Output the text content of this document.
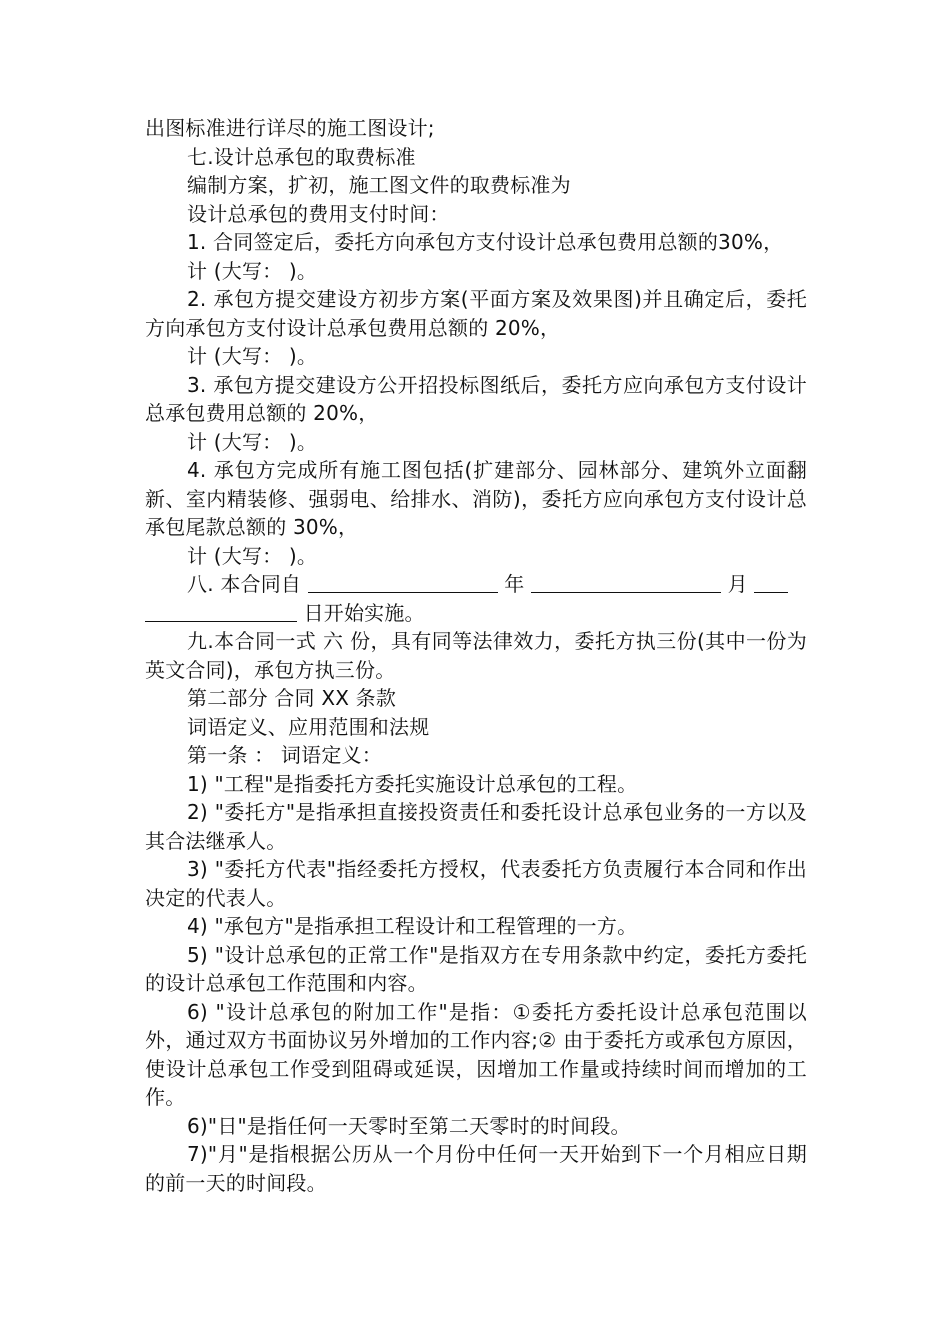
出图标准进行详尽的施工图设计;

七.设计总承包的取费标准

编制方案，扩初，施工图文件的取费标准为

设计总承包的费用支付时间：

1. 合同签定后，委托方向承包方支付设计总承包费用总额的30%，

计 (大写： )。

2. 承包方提交建设方初步方案(平面方案及效果图)并且确定后，委托方向承包方支付设计总承包费用总额的 20%，

计 (大写： )。

3. 承包方提交建设方公开招投标图纸后，委托方应向承包方支付设计总承包费用总额的 20%，

计 (大写： )。

4. 承包方完成所有施工图包括(扩建部分、园林部分、建筑外立面翻新、室内精装修、强弱电、给排水、消防)，委托方应向承包方支付设计总承包尾款总额的 30%，

计 (大写： )。

八. 本合同自	年	月
日开始实施。

九.本合同一式 六 份，具有同等法律效力，委托方执三份(其中一份为英文合同)，承包方执三份。

第二部分 合同 XX 条款

词语定义、应用范围和法规

第一条 ： 词语定义：

1) "工程"是指委托方委托实施设计总承包的工程。

2) "委托方"是指承担直接投资责任和委托设计总承包业务的一方以及其合法继承人。

3) "委托方代表"指经委托方授权，代表委托方负责履行本合同和作出决定的代表人。

4) "承包方"是指承担工程设计和工程管理的一方。

5) "设计总承包的正常工作"是指双方在专用条款中约定，委托方委托的设计总承包工作范围和内容。

6) "设计总承包的附加工作"是指：①委托方委托设计总承包范围以外，通过双方书面协议另外增加的工作内容;② 由于委托方或承包方原因，使设计总承包工作受到阻碍或延误，因增加工作量或持续时间而增加的工作。

6)"日"是指任何一天零时至第二天零时的时间段。

7)"月"是指根据公历从一个月份中任何一天开始到下一个月相应日期的前一天的时间段。
